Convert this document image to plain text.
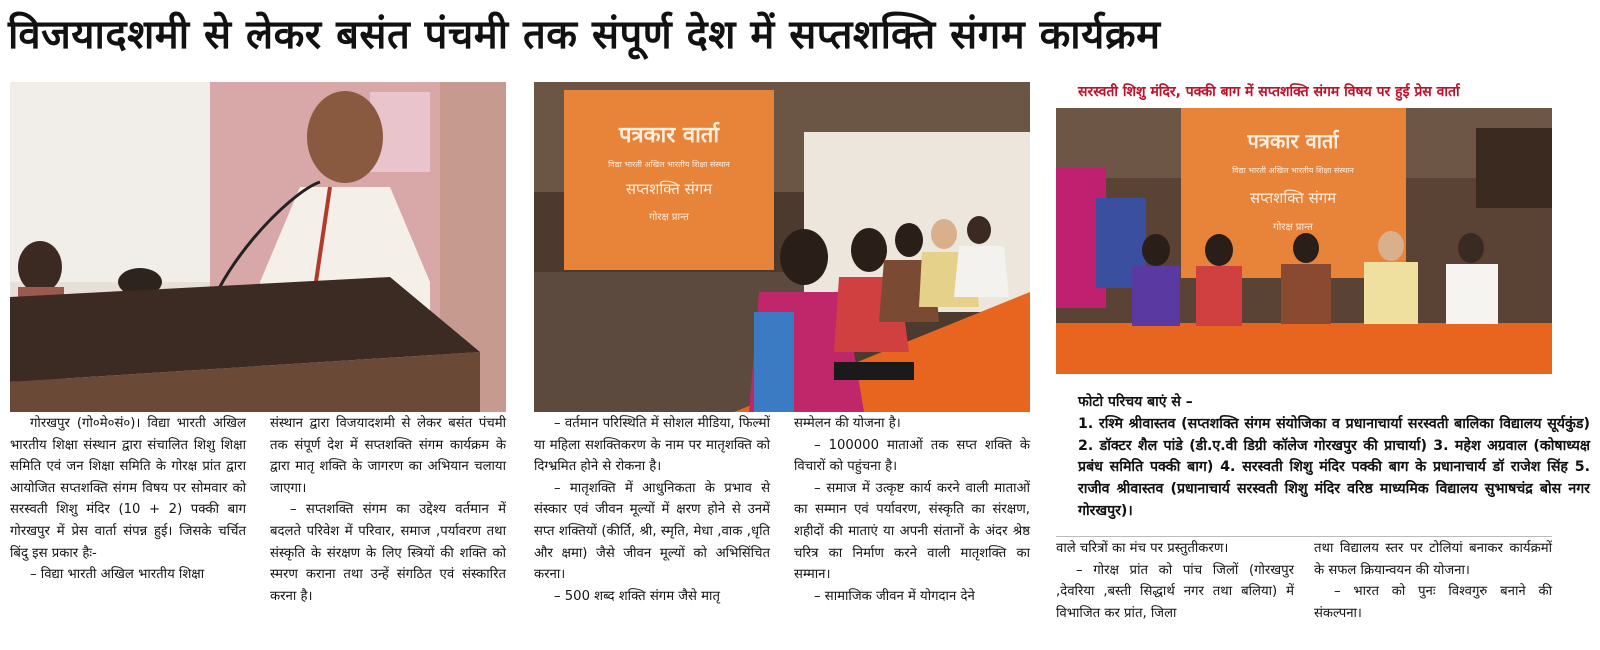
विजयादशमी से लेकर बसंत पंचमी तक संपूर्ण देश में सप्तशक्ति संगम कार्यक्रम
पत्रकार वार्ता
विद्या भारती अखिल भारतीय शिक्षा संस्थान
सप्तशक्ति संगम
गोरक्ष प्रान्त
सरस्वती शिशु मंदिर, पक्की बाग में सप्तशक्ति संगम विषय पर हुई प्रेस वार्ता
पत्रकार वार्ता
विद्या भारती अखिल भारतीय शिक्षा संस्थान
सप्तशक्ति संगम
गोरक्ष प्रान्त

गोरखपुर (गो०मे०सं०)। विद्या भारती अखिल भारतीय शिक्षा संस्थान द्वारा संचालित शिशु शिक्षा समिति एवं जन शिक्षा समिति के गोरक्ष प्रांत द्वारा आयोजित सप्तशक्ति संगम विषय पर सोमवार को सरस्वती शिशु मंदिर (10 + 2) पक्की बाग गोरखपुर में प्रेस वार्ता संपन्न हुई। जिसके चर्चित बिंदु इस प्रकार हैः-

– विद्या भारती अखिल भारतीय शिक्षा

संस्थान द्वारा विजयादशमी से लेकर बसंत पंचमी तक संपूर्ण देश में सप्तशक्ति संगम कार्यक्रम के द्वारा मातृ शक्ति के जागरण का अभियान चलाया जाएगा।

– सप्तशक्ति संगम का उद्देश्य वर्तमान में बदलते परिवेश में परिवार, समाज ,पर्यावरण तथा संस्कृति के संरक्षण के लिए स्त्रियों की शक्ति को स्मरण कराना तथा उन्हें संगठित एवं संस्कारित करना है।

– वर्तमान परिस्थिति में सोशल मीडिया, फिल्मों या महिला सशक्तिकरण के नाम पर मातृशक्ति को दिग्भ्रमित होने से रोकना है।

– मातृशक्ति में आधुनिकता के प्रभाव से संस्कार एवं जीवन मूल्यों में क्षरण होने से उनमें सप्त शक्तियों (कीर्ति, श्री, स्मृति, मेधा ,वाक ,धृति और क्षमा) जैसे जीवन मूल्यों को अभिसिंचित करना।

– 500 शब्द शक्ति संगम जैसे मातृ

सम्मेलन की योजना है।

– 100000 माताओं तक सप्त शक्ति के विचारों को पहुंचना है।

– समाज में उत्कृष्ट कार्य करने वाली माताओं का सम्मान एवं पर्यावरण, संस्कृति का संरक्षण, शहीदों की माताएं या अपनी संतानों के अंदर श्रेष्ठ चरित्र का निर्माण करने वाली मातृशक्ति का सम्मान।

– सामाजिक जीवन में योगदान देने

फोटो परिचय बाएं से –
1. रश्मि श्रीवास्तव (सप्तशक्ति संगम संयोजिका व प्रधानाचार्या सरस्वती बालिका विद्यालय सूर्यकुंड) 2. डॉक्टर शैल पांडे (डी.ए.वी डिग्री कॉलेज गोरखपुर की प्राचार्या) 3. महेश अग्रवाल (कोषाध्यक्ष प्रबंध समिति पक्की बाग) 4. सरस्वती शिशु मंदिर पक्की बाग के प्रधानाचार्य डॉ राजेश सिंह 5. राजीव श्रीवास्तव (प्रधानाचार्य सरस्वती शिशु मंदिर वरिष्ठ माध्यमिक विद्यालय सुभाषचंद्र बोस नगर गोरखपुर)।

वाले चरित्रों का मंच पर प्रस्तुतीकरण।

– गोरक्ष प्रांत को पांच जिलों (गोरखपुर ,देवरिया ,बस्ती सिद्धार्थ नगर तथा बलिया) में विभाजित कर प्रांत, जिला

तथा विद्यालय स्तर पर टोलियां बनाकर कार्यक्रमों के सफल क्रियान्वयन की योजना।

– भारत को पुनः विश्वगुरु बनाने की संकल्पना।
